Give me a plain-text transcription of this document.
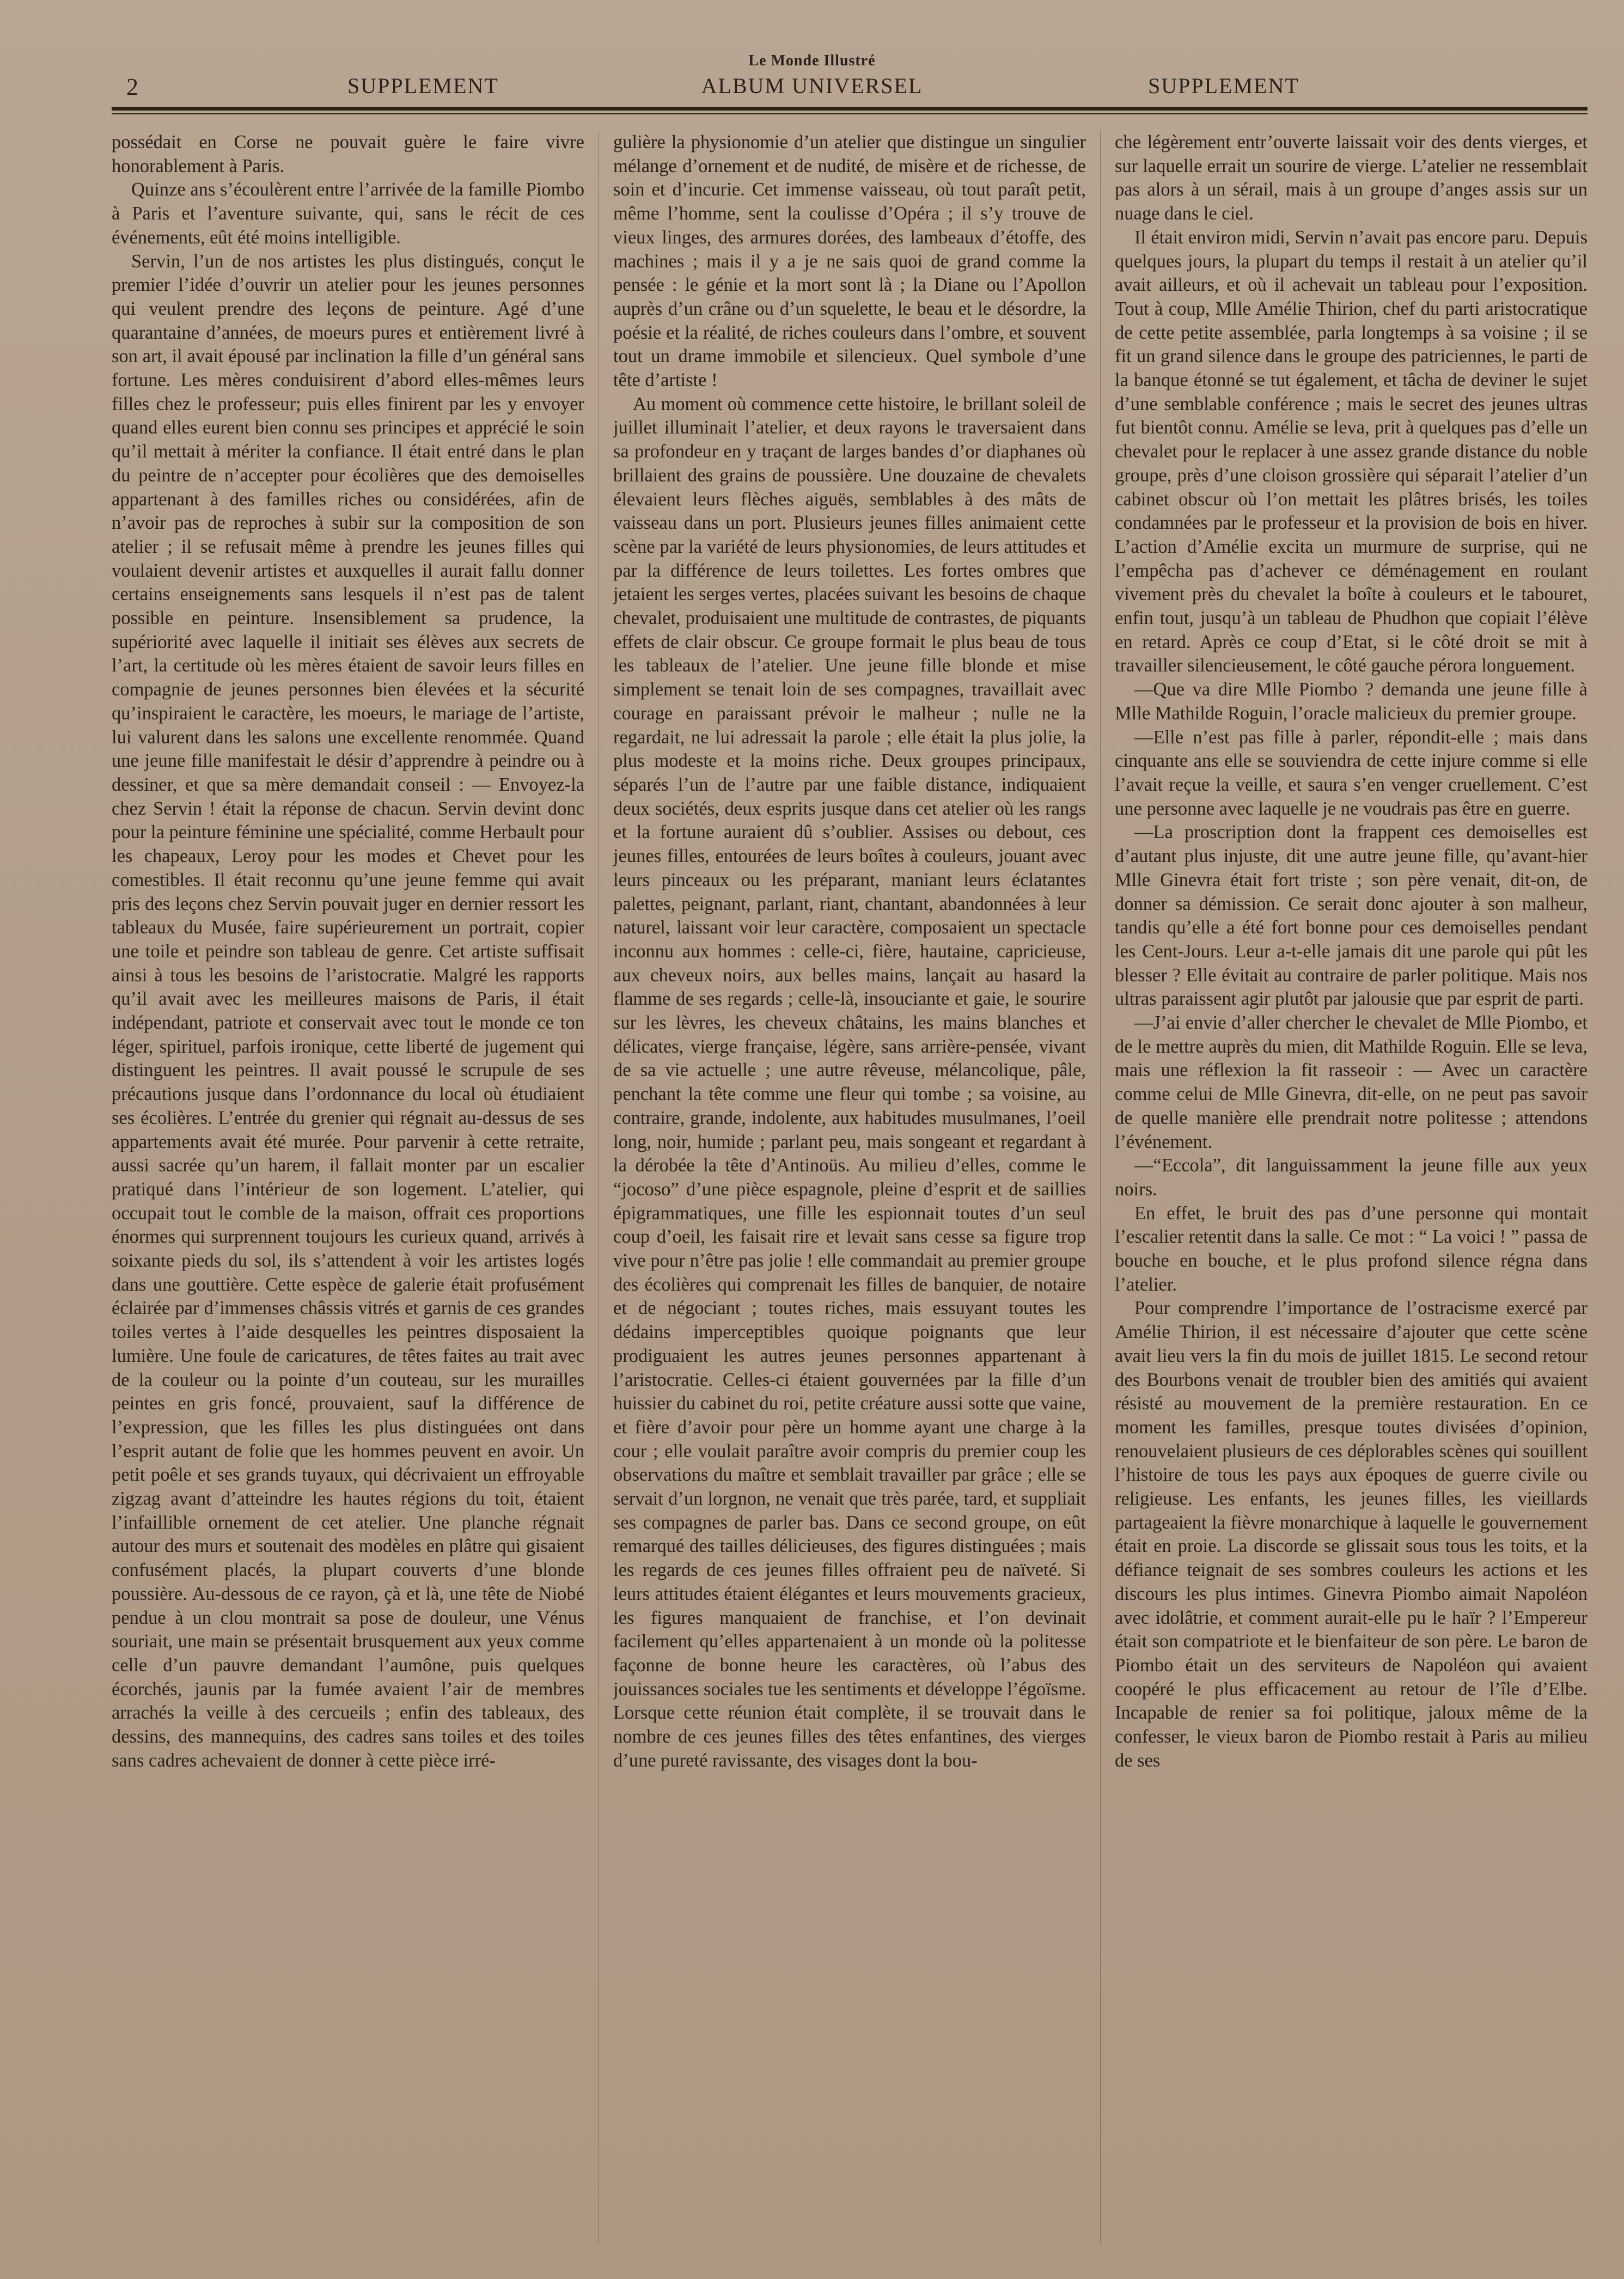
Le Monde Illustré
2	SUPPLEMENT	ALBUM UNIVERSEL	SUPPLEMENT

possédait en Corse ne pouvait guère le faire vivre honorablement à Paris.

Quinze ans s’écoulèrent entre l’arrivée de la famille Piombo à Paris et l’aventure suivante, qui, sans le récit de ces événements, eût été moins intelligible.

Servin, l’un de nos artistes les plus distingués, conçut le premier l’idée d’ouvrir un atelier pour les jeunes personnes qui veulent prendre des leçons de peinture. Agé d’une quarantaine d’années, de moeurs pures et entièrement livré à son art, il avait épousé par inclination la fille d’un général sans fortune. Les mères conduisirent d’abord elles-mêmes leurs filles chez le professeur; puis elles finirent par les y envoyer quand elles eurent bien connu ses principes et apprécié le soin qu’il mettait à mériter la confiance. Il était entré dans le plan du peintre de n’accepter pour écolières que des demoiselles appartenant à des familles riches ou considérées, afin de n’avoir pas de reproches à subir sur la composition de son atelier ; il se refusait même à prendre les jeunes filles qui voulaient devenir artistes et auxquelles il aurait fallu donner certains enseignements sans lesquels il n’est pas de talent possible en peinture. Insensiblement sa prudence, la supériorité avec laquelle il initiait ses élèves aux secrets de l’art, la certitude où les mères étaient de savoir leurs filles en compagnie de jeunes personnes bien élevées et la sécurité qu’inspiraient le caractère, les moeurs, le mariage de l’artiste, lui valurent dans les salons une excellente renommée. Quand une jeune fille manifestait le désir d’apprendre à peindre ou à dessiner, et que sa mère demandait conseil : — Envoyez-la chez Servin ! était la réponse de chacun. Servin devint donc pour la peinture féminine une spécialité, comme Herbault pour les chapeaux, Leroy pour les modes et Chevet pour les comestibles. Il était reconnu qu’une jeune femme qui avait pris des leçons chez Servin pouvait juger en dernier ressort les tableaux du Musée, faire supérieurement un portrait, copier une toile et peindre son tableau de genre. Cet artiste suffisait ainsi à tous les besoins de l’aristocratie. Malgré les rapports qu’il avait avec les meilleures maisons de Paris, il était indépendant, patriote et conservait avec tout le monde ce ton léger, spirituel, parfois ironique, cette liberté de jugement qui distinguent les peintres. Il avait poussé le scrupule de ses précautions jusque dans l’ordonnance du local où étudiaient ses écolières. L’entrée du grenier qui régnait au-dessus de ses appartements avait été murée. Pour parvenir à cette retraite, aussi sacrée qu’un harem, il fallait monter par un escalier pratiqué dans l’intérieur de son logement. L’atelier, qui occupait tout le comble de la maison, offrait ces proportions énormes qui surprennent toujours les curieux quand, arrivés à soixante pieds du sol, ils s’attendent à voir les artistes logés dans une gouttière. Cette espèce de galerie était profusément éclairée par d’immenses châssis vitrés et garnis de ces grandes toiles vertes à l’aide desquelles les peintres disposaient la lumière. Une foule de caricatures, de têtes faites au trait avec de la couleur ou la pointe d’un couteau, sur les murailles peintes en gris foncé, prouvaient, sauf la différence de l’expression, que les filles les plus distinguées ont dans l’esprit autant de folie que les hommes peuvent en avoir. Un petit poêle et ses grands tuyaux, qui décrivaient un effroyable zigzag avant d’atteindre les hautes régions du toit, étaient l’infaillible ornement de cet atelier. Une planche régnait autour des murs et soutenait des modèles en plâtre qui gisaient confusément placés, la plupart couverts d’une blonde poussière. Au-dessous de ce rayon, çà et là, une tête de Niobé pendue à un clou montrait sa pose de douleur, une Vénus souriait, une main se présentait brusquement aux yeux comme celle d’un pauvre demandant l’aumône, puis quelques écorchés, jaunis par la fumée avaient l’air de membres arrachés la veille à des cercueils ; enfin des tableaux, des dessins, des mannequins, des cadres sans toiles et des toiles sans cadres achevaient de donner à cette pièce irré-

gulière la physionomie d’un atelier que distingue un singulier mélange d’ornement et de nudité, de misère et de richesse, de soin et d’incurie. Cet immense vaisseau, où tout paraît petit, même l’homme, sent la coulisse d’Opéra ; il s’y trouve de vieux linges, des armures dorées, des lambeaux d’étoffe, des machines ; mais il y a je ne sais quoi de grand comme la pensée : le génie et la mort sont là ; la Diane ou l’Apollon auprès d’un crâne ou d’un squelette, le beau et le désordre, la poésie et la réalité, de riches couleurs dans l’ombre, et souvent tout un drame immobile et silencieux. Quel symbole d’une tête d’artiste !

Au moment où commence cette histoire, le brillant soleil de juillet illuminait l’atelier, et deux rayons le traversaient dans sa profondeur en y traçant de larges bandes d’or diaphanes où brillaient des grains de poussière. Une douzaine de chevalets élevaient leurs flèches aiguës, semblables à des mâts de vaisseau dans un port. Plusieurs jeunes filles animaient cette scène par la variété de leurs physionomies, de leurs attitudes et par la différence de leurs toilettes. Les fortes ombres que jetaient les serges vertes, placées suivant les besoins de chaque chevalet, produisaient une multitude de contrastes, de piquants effets de clair obscur. Ce groupe formait le plus beau de tous les tableaux de l’atelier. Une jeune fille blonde et mise simplement se tenait loin de ses compagnes, travaillait avec courage en paraissant prévoir le malheur ; nulle ne la regardait, ne lui adressait la parole ; elle était la plus jolie, la plus modeste et la moins riche. Deux groupes principaux, séparés l’un de l’autre par une faible distance, indiquaient deux sociétés, deux esprits jusque dans cet atelier où les rangs et la fortune auraient dû s’oublier. Assises ou debout, ces jeunes filles, entourées de leurs boîtes à couleurs, jouant avec leurs pinceaux ou les préparant, maniant leurs éclatantes palettes, peignant, parlant, riant, chantant, abandonnées à leur naturel, laissant voir leur caractère, composaient un spectacle inconnu aux hommes : celle-ci, fière, hautaine, capricieuse, aux cheveux noirs, aux belles mains, lançait au hasard la flamme de ses regards ; celle-là, insouciante et gaie, le sourire sur les lèvres, les cheveux châtains, les mains blanches et délicates, vierge française, légère, sans arrière-pensée, vivant de sa vie actuelle ; une autre rêveuse, mélancolique, pâle, penchant la tête comme une fleur qui tombe ; sa voisine, au contraire, grande, indolente, aux habitudes musulmanes, l’oeil long, noir, humide ; parlant peu, mais songeant et regardant à la dérobée la tête d’Antinoüs. Au milieu d’elles, comme le “jocoso” d’une pièce espagnole, pleine d’esprit et de saillies épigrammatiques, une fille les espionnait toutes d’un seul coup d’oeil, les faisait rire et levait sans cesse sa figure trop vive pour n’être pas jolie ! elle commandait au premier groupe des écolières qui comprenait les filles de banquier, de notaire et de négociant ; toutes riches, mais essuyant toutes les dédains imperceptibles quoique poignants que leur prodiguaient les autres jeunes personnes appartenant à l’aristocratie. Celles-ci étaient gouvernées par la fille d’un huissier du cabinet du roi, petite créature aussi sotte que vaine, et fière d’avoir pour père un homme ayant une charge à la cour ; elle voulait paraître avoir compris du premier coup les observations du maître et semblait travailler par grâce ; elle se servait d’un lorgnon, ne venait que très parée, tard, et suppliait ses compagnes de parler bas. Dans ce second groupe, on eût remarqué des tailles délicieuses, des figures distinguées ; mais les regards de ces jeunes filles offraient peu de naïveté. Si leurs attitudes étaient élégantes et leurs mouvements gracieux, les figures manquaient de franchise, et l’on devinait facilement qu’elles appartenaient à un monde où la politesse façonne de bonne heure les caractères, où l’abus des jouissances sociales tue les sentiments et développe l’égoïsme. Lorsque cette réunion était complète, il se trouvait dans le nombre de ces jeunes filles des têtes enfantines, des vierges d’une pureté ravissante, des visages dont la bou-

che légèrement entr’ouverte laissait voir des dents vierges, et sur laquelle errait un sourire de vierge. L’atelier ne ressemblait pas alors à un sérail, mais à un groupe d’anges assis sur un nuage dans le ciel.

Il était environ midi, Servin n’avait pas encore paru. Depuis quelques jours, la plupart du temps il restait à un atelier qu’il avait ailleurs, et où il achevait un tableau pour l’exposition. Tout à coup, Mlle Amélie Thirion, chef du parti aristocratique de cette petite assemblée, parla longtemps à sa voisine ; il se fit un grand silence dans le groupe des patriciennes, le parti de la banque étonné se tut également, et tâcha de deviner le sujet d’une semblable conférence ; mais le secret des jeunes ultras fut bientôt connu. Amélie se leva, prit à quelques pas d’elle un chevalet pour le replacer à une assez grande distance du noble groupe, près d’une cloison grossière qui séparait l’atelier d’un cabinet obscur où l’on mettait les plâtres brisés, les toiles condamnées par le professeur et la provision de bois en hiver. L’action d’Amélie excita un murmure de surprise, qui ne l’empêcha pas d’achever ce déménagement en roulant vivement près du chevalet la boîte à couleurs et le tabouret, enfin tout, jusqu’à un tableau de Phudhon que copiait l’élève en retard. Après ce coup d’Etat, si le côté droit se mit à travailler silencieusement, le côté gauche pérora longuement.

—Que va dire Mlle Piombo ? demanda une jeune fille à Mlle Mathilde Roguin, l’oracle malicieux du premier groupe.

—Elle n’est pas fille à parler, répondit-elle ; mais dans cinquante ans elle se souviendra de cette injure comme si elle l’avait reçue la veille, et saura s’en venger cruellement. C’est une personne avec laquelle je ne voudrais pas être en guerre.

—La proscription dont la frappent ces demoiselles est d’autant plus injuste, dit une autre jeune fille, qu’avant-hier Mlle Ginevra était fort triste ; son père venait, dit-on, de donner sa démission. Ce serait donc ajouter à son malheur, tandis qu’elle a été fort bonne pour ces demoiselles pendant les Cent-Jours. Leur a-t-elle jamais dit une parole qui pût les blesser ? Elle évitait au contraire de parler politique. Mais nos ultras paraissent agir plutôt par jalousie que par esprit de parti.

—J’ai envie d’aller chercher le chevalet de Mlle Piombo, et de le mettre auprès du mien, dit Mathilde Roguin. Elle se leva, mais une réflexion la fit rasseoir : — Avec un caractère comme celui de Mlle Ginevra, dit-elle, on ne peut pas savoir de quelle manière elle prendrait notre politesse ; attendons l’événement.

—“Eccola”, dit languissamment la jeune fille aux yeux noirs.

En effet, le bruit des pas d’une personne qui montait l’escalier retentit dans la salle. Ce mot : “ La voici ! ” passa de bouche en bouche, et le plus profond silence régna dans l’atelier.

Pour comprendre l’importance de l’ostracisme exercé par Amélie Thirion, il est nécessaire d’ajouter que cette scène avait lieu vers la fin du mois de juillet 1815. Le second retour des Bourbons venait de troubler bien des amitiés qui avaient résisté au mouvement de la première restauration. En ce moment les familles, presque toutes divisées d’opinion, renouvelaient plusieurs de ces déplorables scènes qui souillent l’histoire de tous les pays aux époques de guerre civile ou religieuse. Les enfants, les jeunes filles, les vieillards partageaient la fièvre monarchique à laquelle le gouvernement était en proie. La discorde se glissait sous tous les toits, et la défiance teignait de ses sombres couleurs les actions et les discours les plus intimes. Ginevra Piombo aimait Napoléon avec idolâtrie, et comment aurait-elle pu le haïr ? l’Empereur était son compatriote et le bienfaiteur de son père. Le baron de Piombo était un des serviteurs de Napoléon qui avaient coopéré le plus efficacement au retour de l’île d’Elbe. Incapable de renier sa foi politique, jaloux même de la confesser, le vieux baron de Piombo restait à Paris au milieu de ses
